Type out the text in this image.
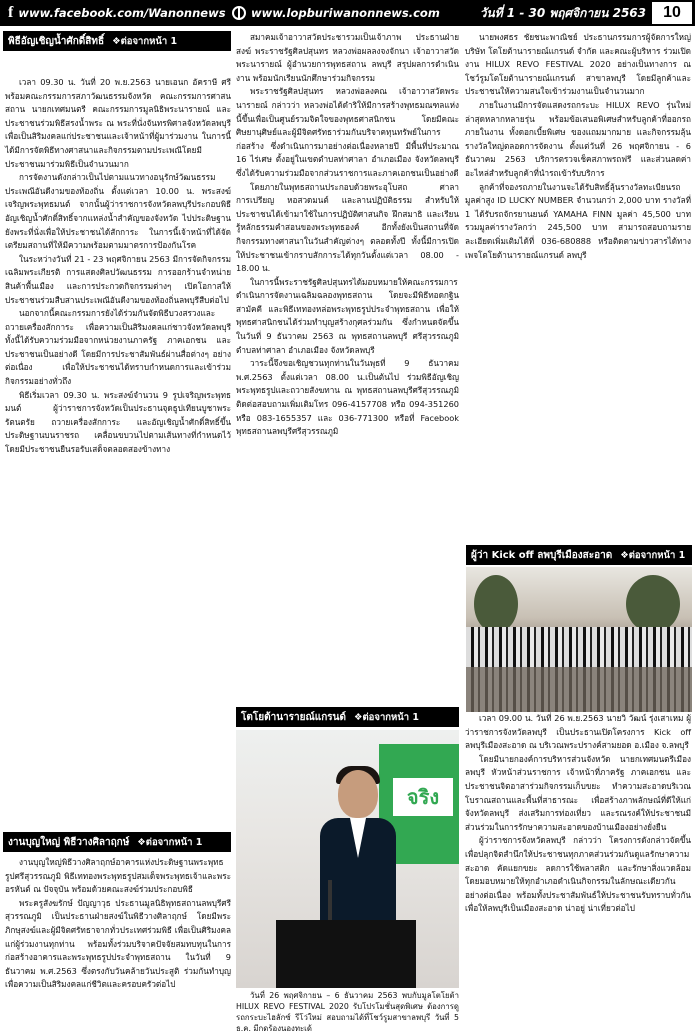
f www.facebook.com/Wanonnews www.lopburiwanonnews.com	วันที่ 1 - 30 พฤศจิกายน 2563	10
พิธีอัญเชิญน้ำศักดิ์สิทธิ์ ❖ต่อจากหน้า 1

เวลา 09.30 น. วันที่ 20 พ.ย.2563 นายเอนก อัคราษี ศรี พร้อมคณะกรรมการสภาวัฒนธรรมจังหวัด คณะกรรมการศาสนสถาน นายกเทศมนตรี คณะกรรมการมูลนิธิพระนารายณ์ และประชาชนร่วมพิธีสรงน้ำพระ ณ พระที่นั่งจันทรพิศาลจังหวัดลพบุรี เพื่อเป็นสิริมงคลแก่ประชาชนและเจ้าหน้าที่ผู้มาร่วมงาน ในการนี้ได้มีการจัดพิธีทางศาสนาและกิจกรรมตามประเพณีโดยมีประชาชนมาร่วมพิธีเป็นจำนวนมาก

การจัดงานดังกล่าวเป็นไปตามแนวทางอนุรักษ์วัฒนธรรมประเพณีอันดีงามของท้องถิ่น ตั้งแต่เวลา 10.00 น. พระสงฆ์เจริญพระพุทธมนต์ จากนั้นผู้ว่าราชการจังหวัดลพบุรีประกอบพิธีอัญเชิญน้ำศักดิ์สิทธิ์จากแหล่งน้ำสำคัญของจังหวัด ไปประดิษฐานยังพระที่นั่งเพื่อให้ประชาชนได้สักการะ ในการนี้เจ้าหน้าที่ได้จัดเตรียมสถานที่ให้มีความพร้อมตามมาตรการป้องกันโรค

ในระหว่างวันที่ 21 - 23 พฤศจิกายน 2563 มีการจัดกิจกรรมเฉลิมพระเกียรติ การแสดงศิลปวัฒนธรรม การออกร้านจำหน่ายสินค้าพื้นเมือง และการประกวดกิจกรรมต่างๆ เปิดโอกาสให้ประชาชนร่วมสืบสานประเพณีอันดีงามของท้องถิ่นลพบุรีสืบต่อไป

นอกจากนี้คณะกรรมการยังได้ร่วมกันจัดพิธีบวงสรวงและถวายเครื่องสักการะ เพื่อความเป็นสิริมงคลแก่ชาวจังหวัดลพบุรี ทั้งนี้ได้รับความร่วมมือจากหน่วยงานภาครัฐ ภาคเอกชน และประชาชนเป็นอย่างดี โดยมีการประชาสัมพันธ์ผ่านสื่อต่างๆ อย่างต่อเนื่อง เพื่อให้ประชาชนได้ทราบกำหนดการและเข้าร่วมกิจกรรมอย่างทั่วถึง

พิธีเริ่มเวลา 09.30 น. พระสงฆ์จำนวน 9 รูปเจริญพระพุทธมนต์ ผู้ว่าราชการจังหวัดเป็นประธานจุดธูปเทียนบูชาพระรัตนตรัย ถวายเครื่องสักการะ และอัญเชิญน้ำศักดิ์สิทธิ์ขึ้นประดิษฐานบนราชรถ เคลื่อนขบวนไปตามเส้นทางที่กำหนดไว้ โดยมีประชาชนยืนรอรับเสด็จตลอดสองข้างทาง

งานบุญใหญ่ พิธีวางศิลาฤกษ์ ❖ต่อจากหน้า 1

งานบุญใหญ่พิธีวางศิลาฤกษ์อาคารแห่งประดิษฐานพระพุทธรูปศรีสุวรรณภูมิ พิธีเททองพระพุทธรูปสมเด็จพระพุทธเจ้าและพระอรหันต์ ณ ปัจจุบัน พร้อมด้วยคณะสงฆ์ร่วมประกอบพิธี

พระครูสังฆรักษ์ ปัญญาวุธ ประธานมูลนิธิพุทธสถานลพบุรีศรีสุวรรณภูมิ เป็นประธานฝ่ายสงฆ์ในพิธีวางศิลาฤกษ์ โดยมีพระภิกษุสงฆ์และผู้มีจิตศรัทธาจากทั่วประเทศร่วมพิธี เพื่อเป็นศิริมงคลแก่ผู้ร่วมงานทุกท่าน พร้อมทั้งร่วมบริจาคปัจจัยสมทบทุนในการก่อสร้างอาคารและพระพุทธรูปประจำพุทธสถาน ในวันที่ 9 ธันวาคม พ.ศ.2563 ซึ่งตรงกับวันคล้ายวันประสูติ ร่วมกันทำบุญเพื่อความเป็นสิริมงคลแก่ชีวิตและครอบครัวต่อไป

สมาคมเจ้าอาวาสวัดประชารวมเป็นเจ้าภาพ ประธานฝ่ายสงฆ์ พระราชรัฐศิลปสุนทร หลวงพ่อผลลงจงจักนา เจ้าอาวาสวัดพระนารายณ์ ผู้อำนวยการพุทธสถาน ลพบุรี สรุปผลการดำเนินงาน พร้อมนักเรียนนักศึกษาร่วมกิจกรรม

พระราชรัฐศิลปสุนทร หลวงพ่อลงคณ เจ้าอาวาสวัดพระนารายณ์ กล่าวว่า หลวงพ่อได้ดำริให้มีการสร้างพุทธมณฑลแห่งนี้ขึ้นเพื่อเป็นศูนย์รวมจิตใจของพุทธศาสนิกชน โดยมีคณะศิษยานุศิษย์และผู้มีจิตศรัทธาร่วมกันบริจาคทุนทรัพย์ในการก่อสร้าง ซึ่งดำเนินการมาอย่างต่อเนื่องหลายปี มีพื้นที่ประมาณ 16 ไร่เศษ ตั้งอยู่ในเขตตำบลท่าศาลา อำเภอเมือง จังหวัดลพบุรี ซึ่งได้รับความร่วมมือจากส่วนราชการและภาคเอกชนเป็นอย่างดี

โดยภายในพุทธสถานประกอบด้วยพระอุโบสถ ศาลาการเปรียญ หอสวดมนต์ และลานปฏิบัติธรรม สำหรับให้ประชาชนได้เข้ามาใช้ในการปฏิบัติศาสนกิจ ฝึกสมาธิ และเรียนรู้หลักธรรมคำสอนของพระพุทธองค์ อีกทั้งยังเป็นสถานที่จัดกิจกรรมทางศาสนาในวันสำคัญต่างๆ ตลอดทั้งปี ทั้งนี้มีการเปิดให้ประชาชนเข้ากราบสักการะได้ทุกวันตั้งแต่เวลา 08.00 - 18.00 น.

ในการนี้พระราชรัฐศิลปสุนทรได้มอบหมายให้คณะกรรมการดำเนินการจัดงานเฉลิมฉลองพุทธสถาน โดยจะมีพิธีทอดกฐินสามัคคี และพิธีเททองหล่อพระพุทธรูปประจำพุทธสถาน เพื่อให้พุทธศาสนิกชนได้ร่วมทำบุญสร้างกุศลร่วมกัน ซึ่งกำหนดจัดขึ้นในวันที่ 9 ธันวาคม 2563 ณ พุทธสถานลพบุรี ศรีสุวรรณภูมิ ตำบลท่าศาลา อำเภอเมือง จังหวัดลพบุรี

วาระนี้จึงขอเชิญชวนทุกท่านในวันพุธที่ 9 ธันวาคม พ.ศ.2563 ตั้งแต่เวลา 08.00 น.เป็นต้นไป ร่วมพิธีอัญเชิญพระพุทธรูปและถวายสังฆทาน ณ พุทธสถานลพบุรีศรีสุวรรณภูมิ ติดต่อสอบถามเพิ่มเติมโทร 096-4157708 หรือ 094-351260 หรือ 083-1655357 และ 036-771300 หรือที่ Facebook พุทธสถานลพบุรีศรีสุวรรณภูมิ

โตโยต้านารายณ์แกรนด์ ❖ต่อจากหน้า 1
จริง

วันที่ 26 พฤศจิกายน – 6 ธันวาคม 2563 พบกับมูลโตโยต้า HILUX REVO FESTIVAL 2020 รับโปรโมชั่นสุดพิเศษ ต้องการดูรถกระบะไฮลักซ์ รีโว่ใหม่ สอบถามได้ที่โชว์รูมสาขาลพบุรี วันที่ 5 ธ.ค. มีกดร้องนองทะเด้

นายพงศธร ชัยชนะพาณิชย์ ประธานกรรมการผู้จัดการใหญ่ บริษัท โตโยต้านารายณ์แกรนด์ จำกัด และคณะผู้บริหาร ร่วมเปิดงาน HILUX REVO FESTIVAL 2020 อย่างเป็นทางการ ณ โชว์รูมโตโยต้านารายณ์แกรนด์ สาขาลพบุรี โดยมีลูกค้าและประชาชนให้ความสนใจเข้าร่วมงานเป็นจำนวนมาก

ภายในงานมีการจัดแสดงรถกระบะ HILUX REVO รุ่นใหม่ล่าสุดหลากหลายรุ่น พร้อมข้อเสนอพิเศษสำหรับลูกค้าที่ออกรถภายในงาน ทั้งดอกเบี้ยพิเศษ ของแถมมากมาย และกิจกรรมลุ้นรางวัลใหญ่ตลอดการจัดงาน ตั้งแต่วันที่ 26 พฤศจิกายน - 6 ธันวาคม 2563 บริการตรวจเช็คสภาพรถฟรี และส่วนลดค่าอะไหล่สำหรับลูกค้าที่นำรถเข้ารับบริการ

ลูกค้าที่จองรถภายในงานจะได้รับสิทธิ์ลุ้นรางวัลทะเบียนรถมูลค่าสูง ID LUCKY NUMBER จำนวนกว่า 2,000 บาท รางวัลที่ 1 ได้รับรถจักรยานยนต์ YAMAHA FINN มูลค่า 45,500 บาท รวมมูลค่ารางวัลกว่า 245,500 บาท สามารถสอบถามรายละเอียดเพิ่มเติมได้ที่ 036-680888 หรือติดตามข่าวสารได้ทางเพจโตโยต้านารายณ์แกรนด์ ลพบุรี

ผู้ว่า Kick off ลพบุรีเมืองสะอาด ❖ต่อจากหน้า 1

เวลา 09.00 น. วันที่ 26 พ.ย.2563 นายวิ วัฒน์ รุ่งเสาเหม ผู้ว่าราชการจังหวัดลพบุรี เป็นประธานเปิดโครงการ Kick off ลพบุรีเมืองสะอาด ณ บริเวณพระปรางค์สามยอด อ.เมือง จ.ลพบุรี

โดยมีนายกองค์การบริหารส่วนจังหวัด นายกเทศมนตรีเมืองลพบุรี หัวหน้าส่วนราชการ เจ้าหน้าที่ภาครัฐ ภาคเอกชน และประชาชนจิตอาสาร่วมกิจกรรมเก็บขยะ ทำความสะอาดบริเวณโบราณสถานและพื้นที่สาธารณะ เพื่อสร้างภาพลักษณ์ที่ดีให้แก่จังหวัดลพบุรี ส่งเสริมการท่องเที่ยว และรณรงค์ให้ประชาชนมีส่วนร่วมในการรักษาความสะอาดของบ้านเมืองอย่างยั่งยืน

ผู้ว่าราชการจังหวัดลพบุรี กล่าวว่า โครงการดังกล่าวจัดขึ้นเพื่อปลุกจิตสำนึกให้ประชาชนทุกภาคส่วนร่วมกันดูแลรักษาความสะอาด คัดแยกขยะ ลดการใช้พลาสติก และรักษาสิ่งแวดล้อม โดยมอบหมายให้ทุกอำเภอดำเนินกิจกรรมในลักษณะเดียวกันอย่างต่อเนื่อง พร้อมทั้งประชาสัมพันธ์ให้ประชาชนรับทราบทั่วกัน เพื่อให้ลพบุรีเป็นเมืองสะอาด น่าอยู่ น่าเที่ยวต่อไป
